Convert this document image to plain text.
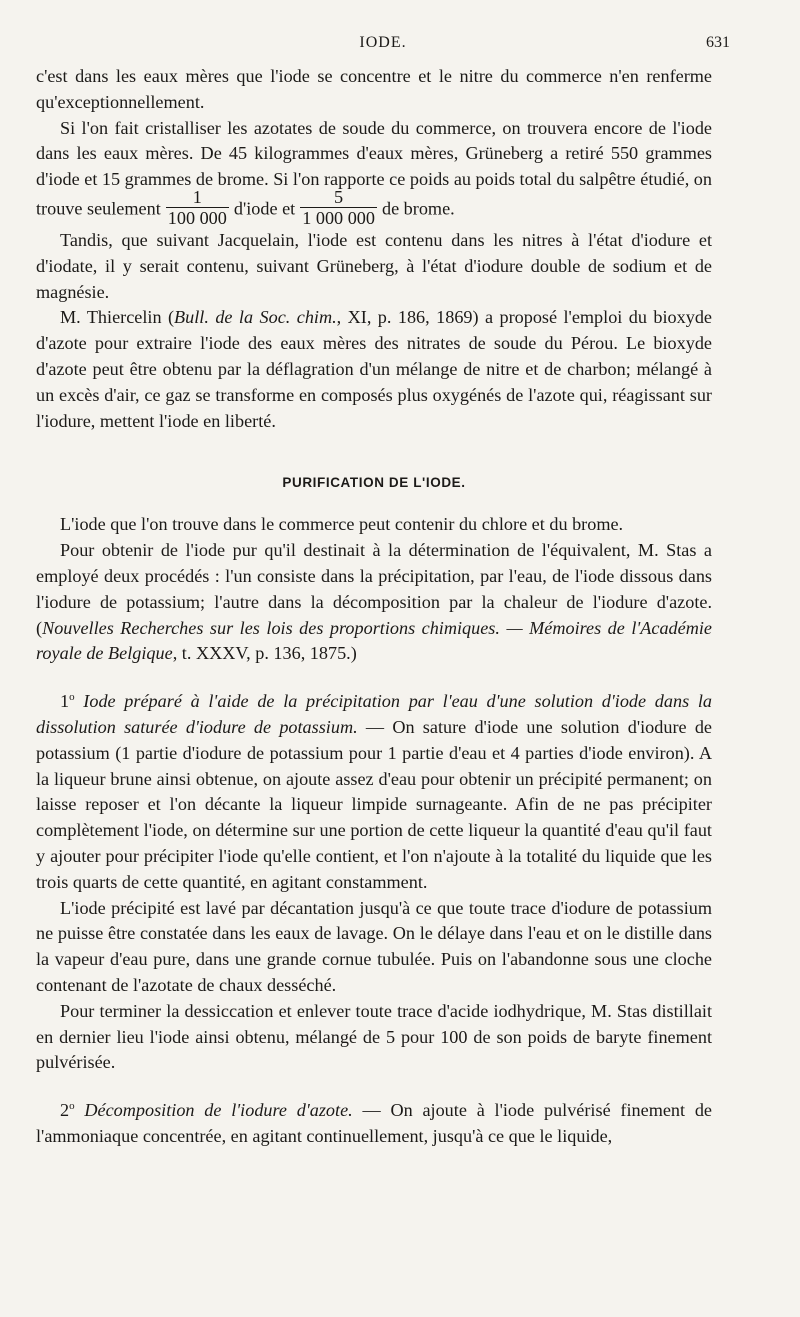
IODE.	631

c'est dans les eaux mères que l'iode se concentre et le nitre du commerce n'en renferme qu'exceptionnellement.

Si l'on fait cristalliser les azotates de soude du commerce, on trouvera encore de l'iode dans les eaux mères. De 45 kilogrammes d'eaux mères, Grüneberg a retiré 550 grammes d'iode et 15 grammes de brome. Si l'on rapporte ce poids au poids total du salpêtre étudié, on trouve seulement $\frac{1}{100 000}$ d'iode et $\frac{5}{1 000 000}$ de brome.

Tandis, que suivant Jacquelain, l'iode est contenu dans les nitres à l'état d'iodure et d'iodate, il y serait contenu, suivant Grüneberg, à l'état d'iodure double de sodium et de magnésie.

M. Thiercelin (Bull. de la Soc. chim., XI, p. 186, 1869) a proposé l'emploi du bioxyde d'azote pour extraire l'iode des eaux mères des nitrates de soude du Pérou. Le bioxyde d'azote peut être obtenu par la déflagration d'un mélange de nitre et de charbon; mélangé à un excès d'air, ce gaz se transforme en composés plus oxygénés de l'azote qui, réagissant sur l'iodure, mettent l'iode en liberté.

PURIFICATION DE L'IODE.

L'iode que l'on trouve dans le commerce peut contenir du chlore et du brome.

Pour obtenir de l'iode pur qu'il destinait à la détermination de l'équivalent, M. Stas a employé deux procédés : l'un consiste dans la précipitation, par l'eau, de l'iode dissous dans l'iodure de potassium; l'autre dans la décomposition par la chaleur de l'iodure d'azote. (Nouvelles Recherches sur les lois des proportions chimiques. — Mémoires de l'Académie royale de Belgique, t. XXXV, p. 136, 1875.)

1$^o$ Iode préparé à l'aide de la précipitation par l'eau d'une solution d'iode dans la dissolution saturée d'iodure de potassium. — On sature d'iode une solution d'iodure de potassium (1 partie d'iodure de potassium pour 1 partie d'eau et 4 parties d'iode environ). A la liqueur brune ainsi obtenue, on ajoute assez d'eau pour obtenir un précipité permanent; on laisse reposer et l'on décante la liqueur limpide surnageante. Afin de ne pas précipiter complètement l'iode, on détermine sur une portion de cette liqueur la quantité d'eau qu'il faut y ajouter pour précipiter l'iode qu'elle contient, et l'on n'ajoute à la totalité du liquide que les trois quarts de cette quantité, en agitant constamment.

L'iode précipité est lavé par décantation jusqu'à ce que toute trace d'iodure de potassium ne puisse être constatée dans les eaux de lavage. On le délaye dans l'eau et on le distille dans la vapeur d'eau pure, dans une grande cornue tubulée. Puis on l'abandonne sous une cloche contenant de l'azotate de chaux desséché.

Pour terminer la dessiccation et enlever toute trace d'acide iodhydrique, M. Stas distillait en dernier lieu l'iode ainsi obtenu, mélangé de 5 pour 100 de son poids de baryte finement pulvérisée.

2$^o$ Décomposition de l'iodure d'azote. — On ajoute à l'iode pulvérisé finement de l'ammoniaque concentrée, en agitant continuellement, jusqu'à ce que le liquide,
